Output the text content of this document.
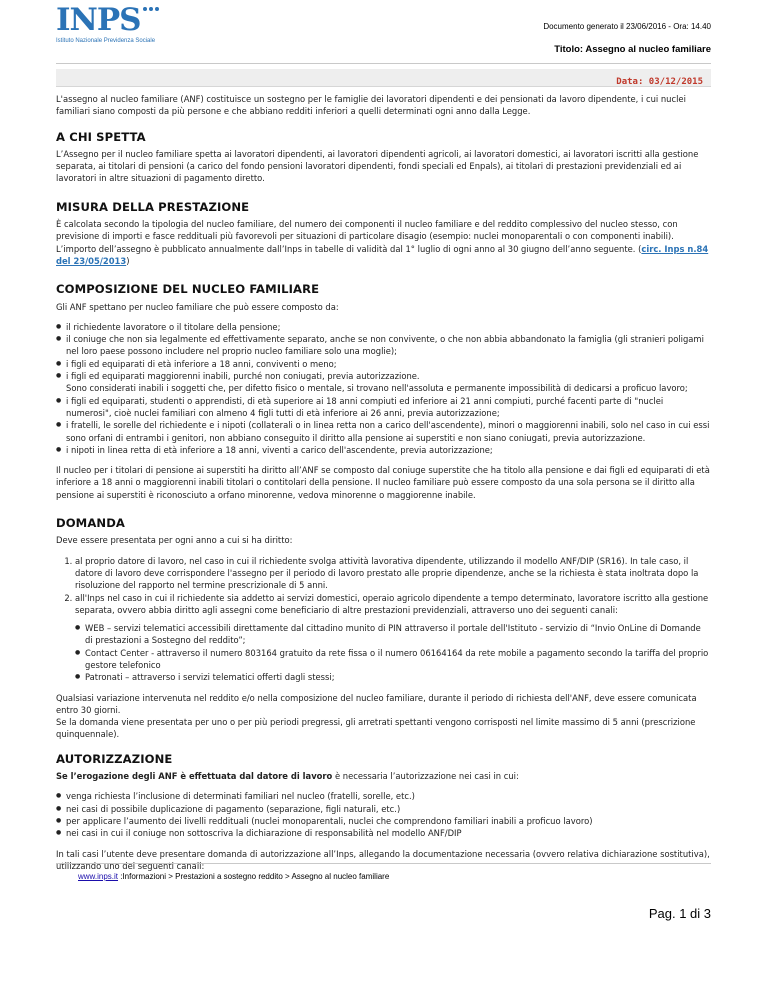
INPS
Istituto Nazionale Previdenza Sociale
Documento generato il 23/06/2016 - Ora: 14.40
Titolo: Assegno al nucleo familiare
Data: 03/12/2015

L'assegno al nucleo familiare (ANF) costituisce un sostegno per le famiglie dei lavoratori dipendenti e dei pensionati da lavoro dipendente, i cui nuclei familiari siano composti da più persone e che abbiano redditi inferiori a quelli determinati ogni anno dalla Legge.

A CHI SPETTA

L’Assegno per il nucleo familiare spetta ai lavoratori dipendenti, ai lavoratori dipendenti agricoli, ai lavoratori domestici, ai lavoratori iscritti alla gestione separata, ai titolari di pensioni (a carico del fondo pensioni lavoratori dipendenti, fondi speciali ed Enpals), ai titolari di prestazioni previdenziali ed ai lavoratori in altre situazioni di pagamento diretto.

MISURA DELLA PRESTAZIONE

È calcolata secondo la tipologia del nucleo familiare, del numero dei componenti il nucleo familiare e del reddito complessivo del nucleo stesso, con previsione di importi e fasce reddituali più favorevoli per situazioni di particolare disagio (esempio: nuclei monoparentali o con componenti inabili).

L’importo dell’assegno è pubblicato annualmente dall’Inps in tabelle di validità dal 1° luglio di ogni anno al 30 giugno dell’anno seguente. (circ. Inps n.84 del 23/05/2013)

COMPOSIZIONE DEL NUCLEO FAMILIARE

Gli ANF spettano per nucleo familiare che può essere composto da:

● il richiedente lavoratore o il titolare della pensione;
● il coniuge che non sia legalmente ed effettivamente separato, anche se non convivente, o che non abbia abbandonato la famiglia (gli stranieri poligami nel loro paese possono includere nel proprio nucleo familiare solo una moglie);
● i figli ed equiparati di età inferiore a 18 anni, conviventi o meno;
● i figli ed equiparati maggiorenni inabili, purché non coniugati, previa autorizzazione.
Sono considerati inabili i soggetti che, per difetto fisico o mentale, si trovano nell'assoluta e permanente impossibilità di dedicarsi a proficuo lavoro;
● i figli ed equiparati, studenti o apprendisti, di età superiore ai 18 anni compiuti ed inferiore ai 21 anni compiuti, purché facenti parte di "nuclei numerosi", cioè nuclei familiari con almeno 4 figli tutti di età inferiore ai 26 anni, previa autorizzazione;
● i fratelli, le sorelle del richiedente e i nipoti (collaterali o in linea retta non a carico dell'ascendente), minori o maggiorenni inabili, solo nel caso in cui essi sono orfani di entrambi i genitori, non abbiano conseguito il diritto alla pensione ai superstiti e non siano coniugati, previa autorizzazione.
● i nipoti in linea retta di età inferiore a 18 anni, viventi a carico dell'ascendente, previa autorizzazione;

Il nucleo per i titolari di pensione ai superstiti ha diritto all’ANF se composto dal coniuge superstite che ha titolo alla pensione e dai figli ed equiparati di età inferiore a 18 anni o maggiorenni inabili titolari o contitolari della pensione. Il nucleo familiare può essere composto da una sola persona se il diritto alla pensione ai superstiti è riconosciuto a orfano minorenne, vedova minorenne o maggiorenne inabile.

DOMANDA

Deve essere presentata per ogni anno a cui si ha diritto:

1. al proprio datore di lavoro, nel caso in cui il richiedente svolga attività lavorativa dipendente, utilizzando il modello ANF/DIP (SR16). In tale caso, il datore di lavoro deve corrispondere l'assegno per il periodo di lavoro prestato alle proprie dipendenze, anche se la richiesta è stata inoltrata dopo la risoluzione del rapporto nel termine prescrizionale di 5 anni.
2. all'Inps nel caso in cui il richiedente sia addetto ai servizi domestici, operaio agricolo dipendente a tempo determinato, lavoratore iscritto alla gestione separata, ovvero abbia diritto agli assegni come beneficiario di altre prestazioni previdenziali, attraverso uno dei seguenti canali:
● WEB – servizi telematici accessibili direttamente dal cittadino munito di PIN attraverso il portale dell'Istituto - servizio di “Invio OnLine di Domande di prestazioni a Sostegno del reddito”;
● Contact Center - attraverso il numero 803164 gratuito da rete fissa o il numero 06164164 da rete mobile a pagamento secondo la tariffa del proprio gestore telefonico
● Patronati – attraverso i servizi telematici offerti dagli stessi;

Qualsiasi variazione intervenuta nel reddito e/o nella composizione del nucleo familiare, durante il periodo di richiesta dell'ANF, deve essere comunicata entro 30 giorni.

Se la domanda viene presentata per uno o per più periodi pregressi, gli arretrati spettanti vengono corrisposti nel limite massimo di 5 anni (prescrizione quinquennale).

AUTORIZZAZIONE

Se l’erogazione degli ANF è effettuata dal datore di lavoro è necessaria l’autorizzazione nei casi in cui:

● venga richiesta l’inclusione di determinati familiari nel nucleo (fratelli, sorelle, etc.)
● nei casi di possibile duplicazione di pagamento (separazione, figli naturali, etc.)
● per applicare l’aumento dei livelli reddituali (nuclei monoparentali, nuclei che comprendono familiari inabili a proficuo lavoro)
● nei casi in cui il coniuge non sottoscriva la dichiarazione di responsabilità nel modello ANF/DIP

In tali casi l’utente deve presentare domanda di autorizzazione all’Inps, allegando la documentazione necessaria (ovvero relativa dichiarazione sostitutiva), utilizzando uno dei seguenti canali:

www.inps.it :Informazioni > Prestazioni a sostegno reddito > Assegno al nucleo familiare
Pag. 1 di 3
